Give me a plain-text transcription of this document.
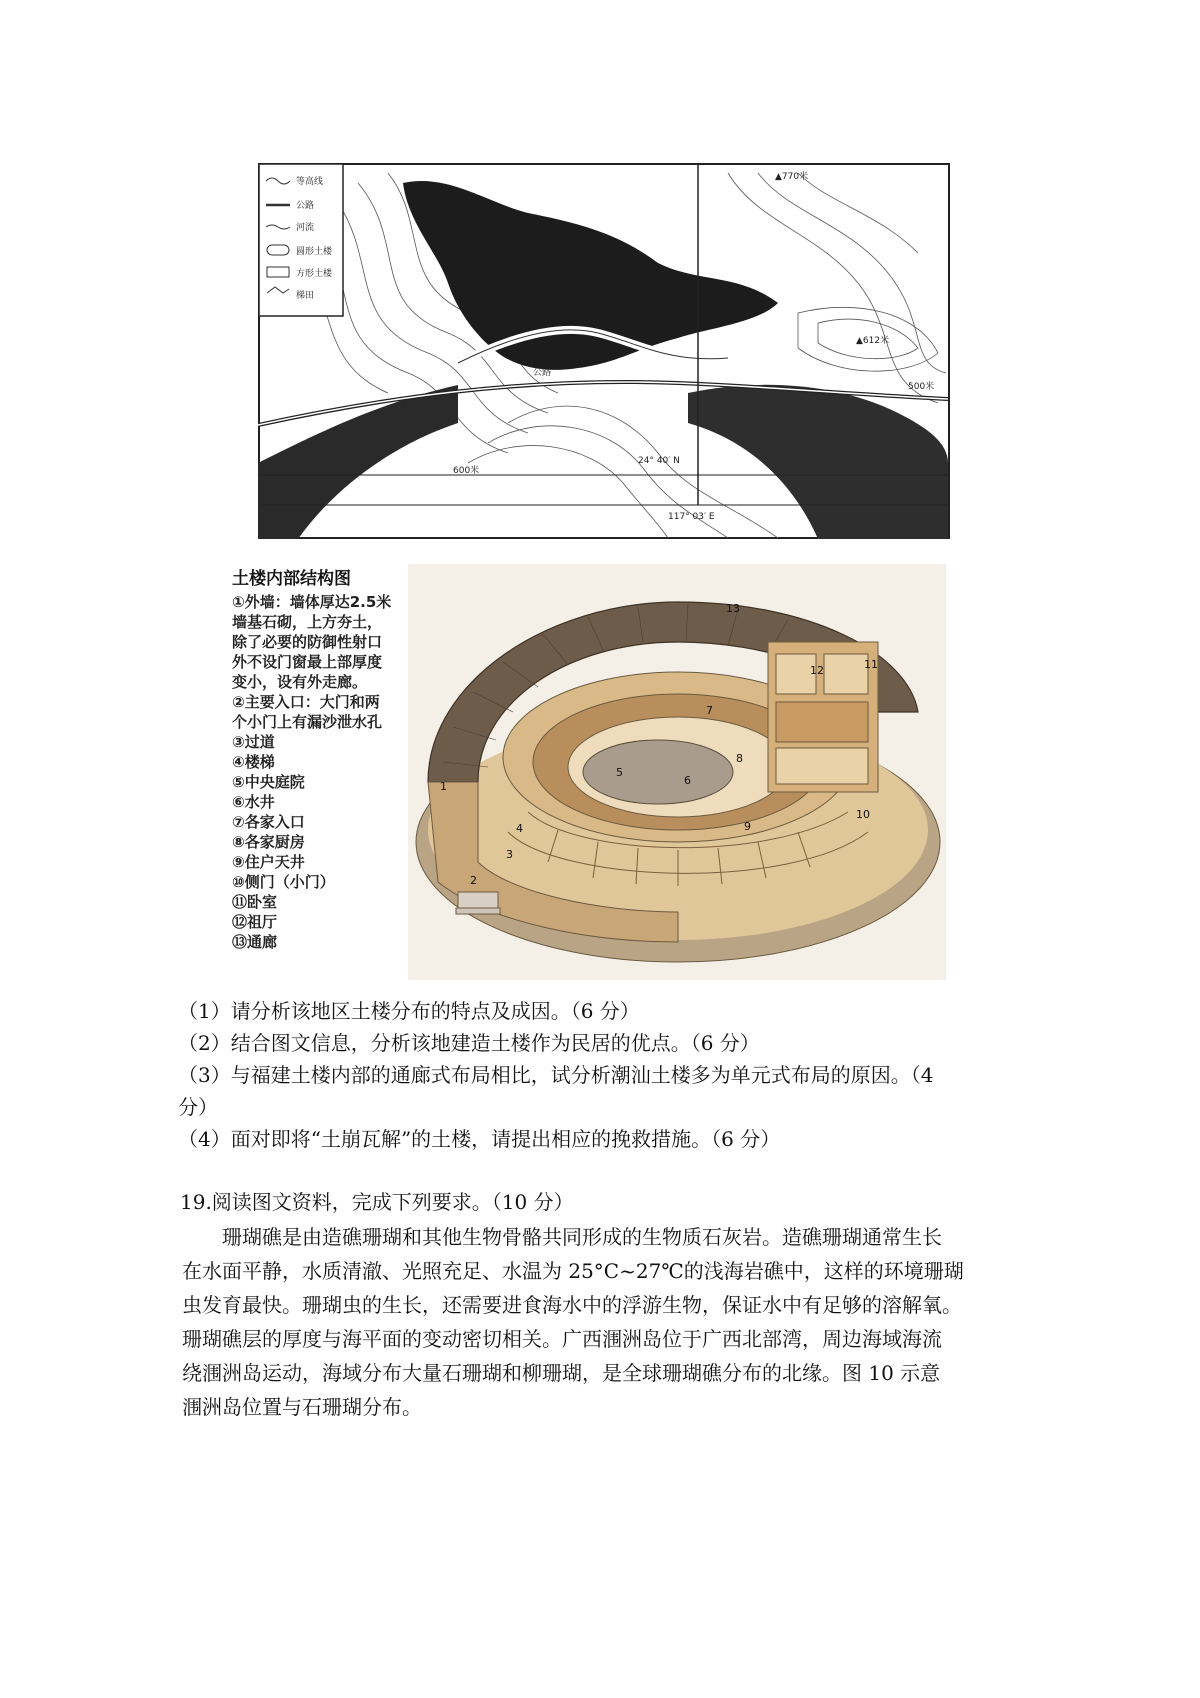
等高线
公路
河流
圆形土楼
方形土楼
梯田
▲770米
▲612米
500米
600米
公路
24° 40′ N
117° 03′ E
土楼内部结构图
①外墙：墙体厚达2.5米
墙基石砌，上方夯土，
除了必要的防御性射口
外不设门窗最上部厚度
变小，设有外走廊。
②主要入口：大门和两
个小门上有漏沙泄水孔
③过道
④楼梯
⑤中央庭院
⑥水井
⑦各家入口
⑧各家厨房
⑨住户天井
⑩侧门（小门）
⑪卧室
⑫祖厅
⑬通廊
1
2
3
4
5
6
7
8
9
10
11
12
13
（1）请分析该地区土楼分布的特点及成因。（6 分）
（2）结合图文信息，分析该地建造土楼作为民居的优点。（6 分）
（3）与福建土楼内部的通廊式布局相比，试分析潮汕土楼多为单元式布局的原因。（4
分）
（4）面对即将“土崩瓦解”的土楼，请提出相应的挽救措施。（6 分）
19.阅读图文资料，完成下列要求。（10 分）
　　珊瑚礁是由造礁珊瑚和其他生物骨骼共同形成的生物质石灰岩。造礁珊瑚通常生长
在水面平静，水质清澈、光照充足、水温为 25°C~27℃的浅海岩礁中，这样的环境珊瑚
虫发育最快。珊瑚虫的生长，还需要进食海水中的浮游生物，保证水中有足够的溶解氧。
珊瑚礁层的厚度与海平面的变动密切相关。广西涠洲岛位于广西北部湾，周边海域海流
绕涠洲岛运动，海域分布大量石珊瑚和柳珊瑚，是全球珊瑚礁分布的北缘。图 10 示意
涠洲岛位置与石珊瑚分布。
